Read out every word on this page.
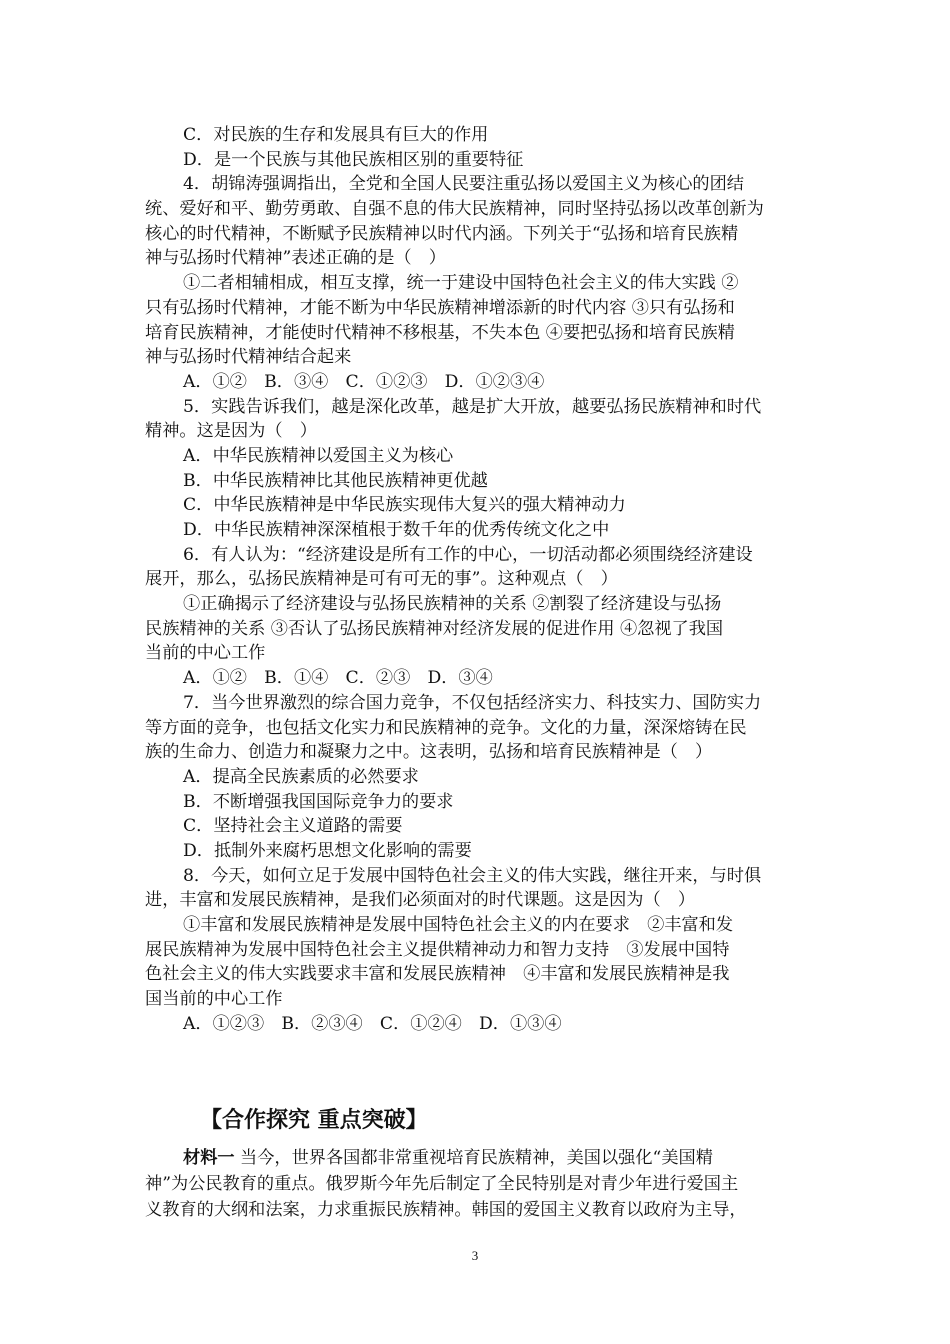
C．对民族的生存和发展具有巨大的作用
D．是一个民族与其他民族相区别的重要特征
4．胡锦涛强调指出，全党和全国人民要注重弘扬以爱国主义为核心的团结
统、爱好和平、勤劳勇敢、自强不息的伟大民族精神，同时坚持弘扬以改革创新为
核心的时代精神，不断赋予民族精神以时代内涵。下列关于“弘扬和培育民族精
神与弘扬时代精神”表述正确的是（　）
①二者相辅相成，相互支撑，统一于建设中国特色社会主义的伟大实践 ②
只有弘扬时代精神，才能不断为中华民族精神增添新的时代内容 ③只有弘扬和
培育民族精神，才能使时代精神不移根基，不失本色 ④要把弘扬和培育民族精
神与弘扬时代精神结合起来
A．①②　B．③④　C．①②③　D．①②③④
5．实践告诉我们，越是深化改革，越是扩大开放，越要弘扬民族精神和时代
精神。这是因为（　）
A．中华民族精神以爱国主义为核心
B．中华民族精神比其他民族精神更优越
C．中华民族精神是中华民族实现伟大复兴的强大精神动力
D．中华民族精神深深植根于数千年的优秀传统文化之中
6．有人认为：“经济建设是所有工作的中心，一切活动都必须围绕经济建设
展开，那么，弘扬民族精神是可有可无的事”。这种观点（　）
①正确揭示了经济建设与弘扬民族精神的关系 ②割裂了经济建设与弘扬
民族精神的关系 ③否认了弘扬民族精神对经济发展的促进作用 ④忽视了我国
当前的中心工作
A．①②　B．①④　C．②③　D．③④
7．当今世界激烈的综合国力竞争，不仅包括经济实力、科技实力、国防实力
等方面的竞争，也包括文化实力和民族精神的竞争。文化的力量，深深熔铸在民
族的生命力、创造力和凝聚力之中。这表明，弘扬和培育民族精神是（　）
A．提高全民族素质的必然要求
B．不断增强我国国际竞争力的要求
C．坚持社会主义道路的需要
D．抵制外来腐朽思想文化影响的需要
8．今天，如何立足于发展中国特色社会主义的伟大实践，继往开来，与时俱
进，丰富和发展民族精神，是我们必须面对的时代课题。这是因为（　）
①丰富和发展民族精神是发展中国特色社会主义的内在要求　②丰富和发
展民族精神为发展中国特色社会主义提供精神动力和智力支持　③发展中国特
色社会主义的伟大实践要求丰富和发展民族精神　④丰富和发展民族精神是我
国当前的中心工作
A．①②③　B．②③④　C．①②④　D．①③④
【合作探究 重点突破】
材料一 当今，世界各国都非常重视培育民族精神，美国以强化“美国精
神”为公民教育的重点。俄罗斯今年先后制定了全民特别是对青少年进行爱国主
义教育的大纲和法案，力求重振民族精神。韩国的爱国主义教育以政府为主导，
3
